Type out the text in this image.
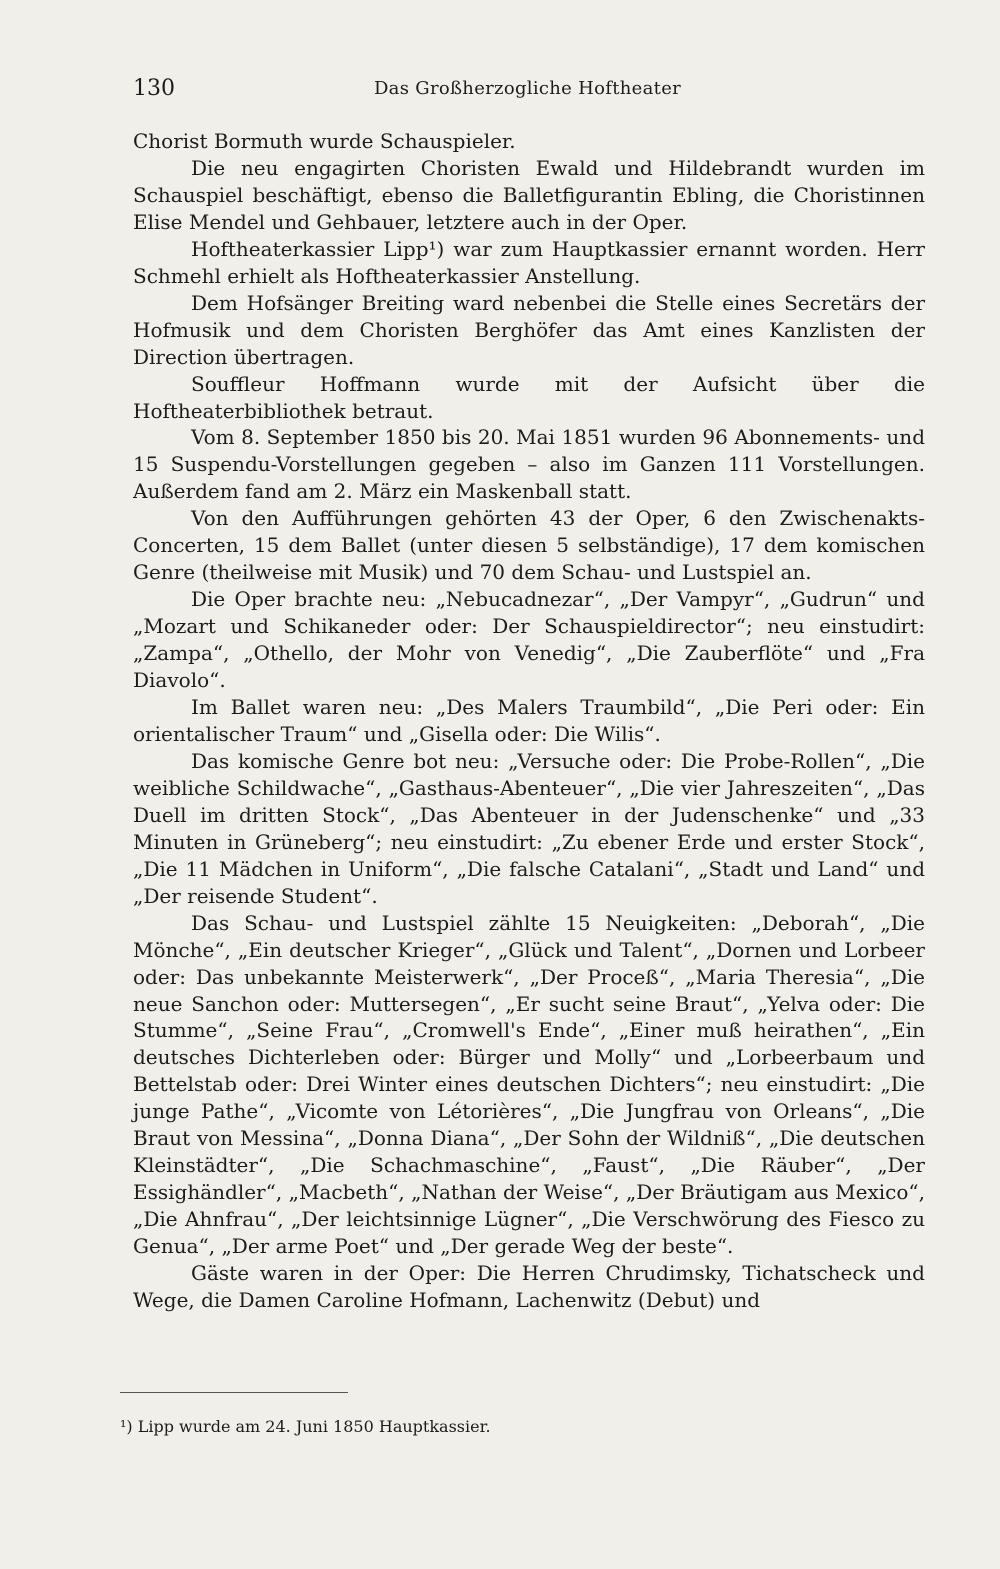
130	Das Großherzogliche Hoftheater

Chorist Bormuth wurde Schauspieler.

Die neu engagirten Choristen Ewald und Hildebrandt wurden im Schauspiel beschäftigt, ebenso die Balletfigurantin Ebling, die Choristinnen Elise Mendel und Gehbauer, letztere auch in der Oper.

Hoftheaterkassier Lipp¹) war zum Hauptkassier ernannt worden. Herr Schmehl erhielt als Hoftheaterkassier Anstellung.

Dem Hofsänger Breiting ward nebenbei die Stelle eines Secretärs der Hofmusik und dem Choristen Berghöfer das Amt eines Kanzlisten der Direction übertragen.

Souffleur Hoffmann wurde mit der Aufsicht über die Hoftheaterbibliothek betraut.

Vom 8. September 1850 bis 20. Mai 1851 wurden 96 Abonnements- und 15 Suspendu-Vorstellungen gegeben – also im Ganzen 111 Vorstellungen. Außerdem fand am 2. März ein Maskenball statt.

Von den Aufführungen gehörten 43 der Oper, 6 den Zwischenakts-Concerten, 15 dem Ballet (unter diesen 5 selbständige), 17 dem komischen Genre (theilweise mit Musik) und 70 dem Schau- und Lustspiel an.

Die Oper brachte neu: „Nebucadnezar“, „Der Vampyr“, „Gudrun“ und „Mozart und Schikaneder oder: Der Schauspieldirector“; neu einstudirt: „Zampa“, „Othello, der Mohr von Venedig“, „Die Zauberflöte“ und „Fra Diavolo“.

Im Ballet waren neu: „Des Malers Traumbild“, „Die Peri oder: Ein orientalischer Traum“ und „Gisella oder: Die Wilis“.

Das komische Genre bot neu: „Versuche oder: Die Probe-Rollen“, „Die weibliche Schildwache“, „Gasthaus-Abenteuer“, „Die vier Jahreszeiten“, „Das Duell im dritten Stock“, „Das Abenteuer in der Judenschenke“ und „33 Minuten in Grüneberg“; neu einstudirt: „Zu ebener Erde und erster Stock“, „Die 11 Mädchen in Uniform“, „Die falsche Catalani“, „Stadt und Land“ und „Der reisende Student“.

Das Schau- und Lustspiel zählte 15 Neuigkeiten: „Deborah“, „Die Mönche“, „Ein deutscher Krieger“, „Glück und Talent“, „Dornen und Lorbeer oder: Das unbekannte Meisterwerk“, „Der Proceß“, „Maria Theresia“, „Die neue Sanchon oder: Muttersegen“, „Er sucht seine Braut“, „Yelva oder: Die Stumme“, „Seine Frau“, „Cromwell's Ende“, „Einer muß heirathen“, „Ein deutsches Dichterleben oder: Bürger und Molly“ und „Lorbeerbaum und Bettelstab oder: Drei Winter eines deutschen Dichters“; neu einstudirt: „Die junge Pathe“, „Vicomte von Létorières“, „Die Jungfrau von Orleans“, „Die Braut von Messina“, „Donna Diana“, „Der Sohn der Wildniß“, „Die deutschen Kleinstädter“, „Die Schachmaschine“, „Faust“, „Die Räuber“, „Der Essighändler“, „Macbeth“, „Nathan der Weise“, „Der Bräutigam aus Mexico“, „Die Ahnfrau“, „Der leichtsinnige Lügner“, „Die Verschwörung des Fiesco zu Genua“, „Der arme Poet“ und „Der gerade Weg der beste“.

Gäste waren in der Oper: Die Herren Chrudimsky, Tichatscheck und Wege, die Damen Caroline Hofmann, Lachenwitz (Debut) und

¹) Lipp wurde am 24. Juni 1850 Hauptkassier.
